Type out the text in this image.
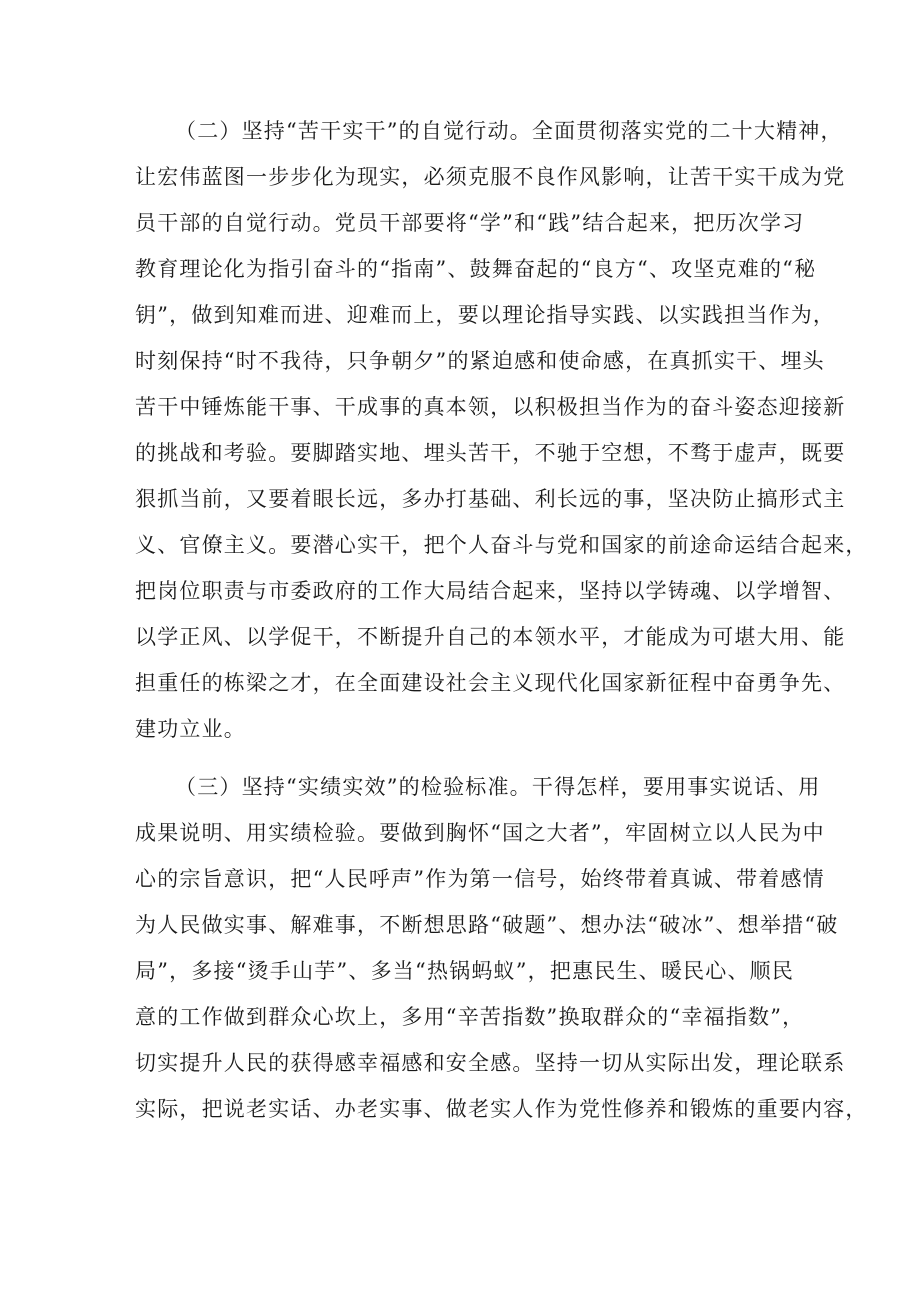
（二）坚持“苦干实干”的自觉行动。全面贯彻落实党的二十大精神，
让宏伟蓝图一步步化为现实，必须克服不良作风影响，让苦干实干成为党
员干部的自觉行动。党员干部要将“学”和“践”结合起来，把历次学习
教育理论化为指引奋斗的“指南”、鼓舞奋起的“良方“、攻坚克难的“秘
钥”，做到知难而进、迎难而上，要以理论指导实践、以实践担当作为，
时刻保持“时不我待，只争朝夕”的紧迫感和使命感，在真抓实干、埋头
苦干中锤炼能干事、干成事的真本领，以积极担当作为的奋斗姿态迎接新
的挑战和考验。要脚踏实地、埋头苦干，不驰于空想，不骛于虚声，既要
狠抓当前，又要着眼长远，多办打基础、利长远的事，坚决防止搞形式主
义、官僚主义。要潜心实干，把个人奋斗与党和国家的前途命运结合起来，
把岗位职责与市委政府的工作大局结合起来，坚持以学铸魂、以学增智、
以学正风、以学促干，不断提升自己的本领水平，才能成为可堪大用、能
担重任的栋梁之才，在全面建设社会主义现代化国家新征程中奋勇争先、
建功立业。
（三）坚持“实绩实效”的检验标准。干得怎样，要用事实说话、用
成果说明、用实绩检验。要做到胸怀“国之大者”，牢固树立以人民为中
心的宗旨意识，把“人民呼声”作为第一信号，始终带着真诚、带着感情
为人民做实事、解难事，不断想思路“破题”、想办法“破冰”、想举措“破
局”，多接“烫手山芋”、多当“热锅蚂蚁”，把惠民生、暖民心、顺民
意的工作做到群众心坎上，多用“辛苦指数”换取群众的“幸福指数”，
切实提升人民的获得感幸福感和安全感。坚持一切从实际出发，理论联系
实际，把说老实话、办老实事、做老实人作为党性修养和锻炼的重要内容，
